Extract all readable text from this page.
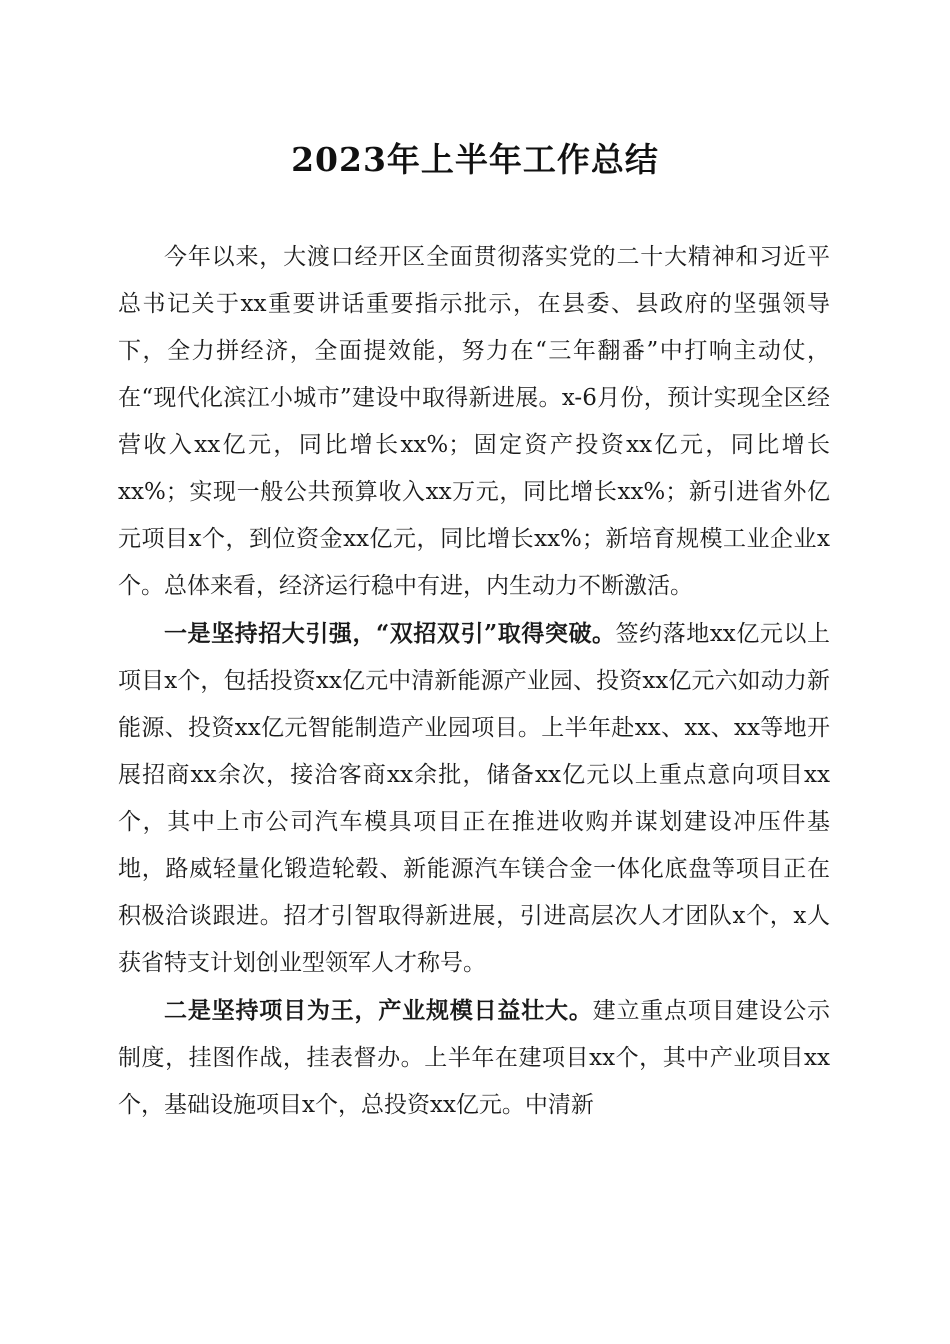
2023年上半年工作总结

今年以来，大渡口经开区全面贯彻落实党的二十大精神和习近平总书记关于xx重要讲话重要指示批示，在县委、县政府的坚强领导下，全力拼经济，全面提效能，努力在“三年翻番”中打响主动仗，在“现代化滨江小城市”建设中取得新进展。x-6月份，预计实现全区经营收入xx亿元，同比增长xx%；固定资产投资xx亿元，同比增长xx%；实现一般公共预算收入xx万元，同比增长xx%；新引进省外亿元项目x个，到位资金xx亿元，同比增长xx%；新培育规模工业企业x个。总体来看，经济运行稳中有进，内生动力不断激活。

一是坚持招大引强，“双招双引”取得突破。签约落地xx亿元以上项目x个，包括投资xx亿元中清新能源产业园、投资xx亿元六如动力新能源、投资xx亿元智能制造产业园项目。上半年赴xx、xx、xx等地开展招商xx余次，接洽客商xx余批，储备xx亿元以上重点意向项目xx个，其中上市公司汽车模具项目正在推进收购并谋划建设冲压件基地，路威轻量化锻造轮毂、新能源汽车镁合金一体化底盘等项目正在积极洽谈跟进。招才引智取得新进展，引进高层次人才团队x个，x人获省特支计划创业型领军人才称号。

二是坚持项目为王，产业规模日益壮大。建立重点项目建设公示制度，挂图作战，挂表督办。上半年在建项目xx个，其中产业项目xx个，基础设施项目x个，总投资xx亿元。中清新
